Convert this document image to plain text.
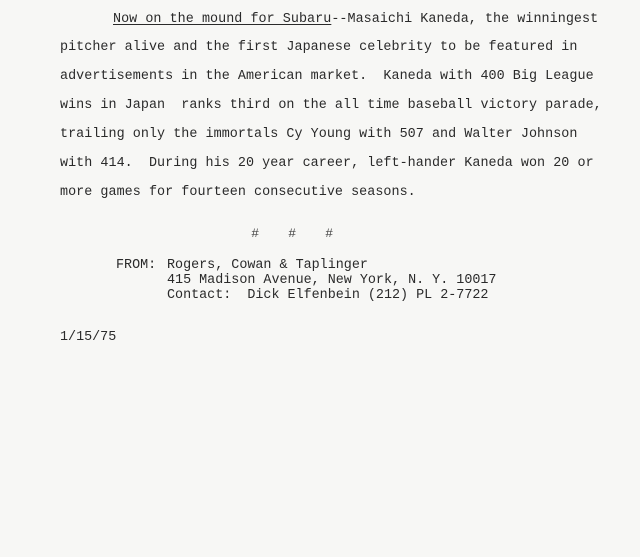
Now on the mound for Subaru--Masaichi Kaneda, the winningest
pitcher alive and the first Japanese celebrity to be featured in
advertisements in the American market.  Kaneda with 400 Big League
wins in Japan  ranks third on the all time baseball victory parade,
trailing only the immortals Cy Young with 507 and Walter Johnson
with 414.  During his 20 year career, left-hander Kaneda won 20 or
more games for fourteen consecutive seasons.

# # #

FROM: Rogers, Cowan & Taplinger
415 Madison Avenue, New York, N. Y. 10017
Contact:  Dick Elfenbein (212) PL 2-7722
1/15/75
